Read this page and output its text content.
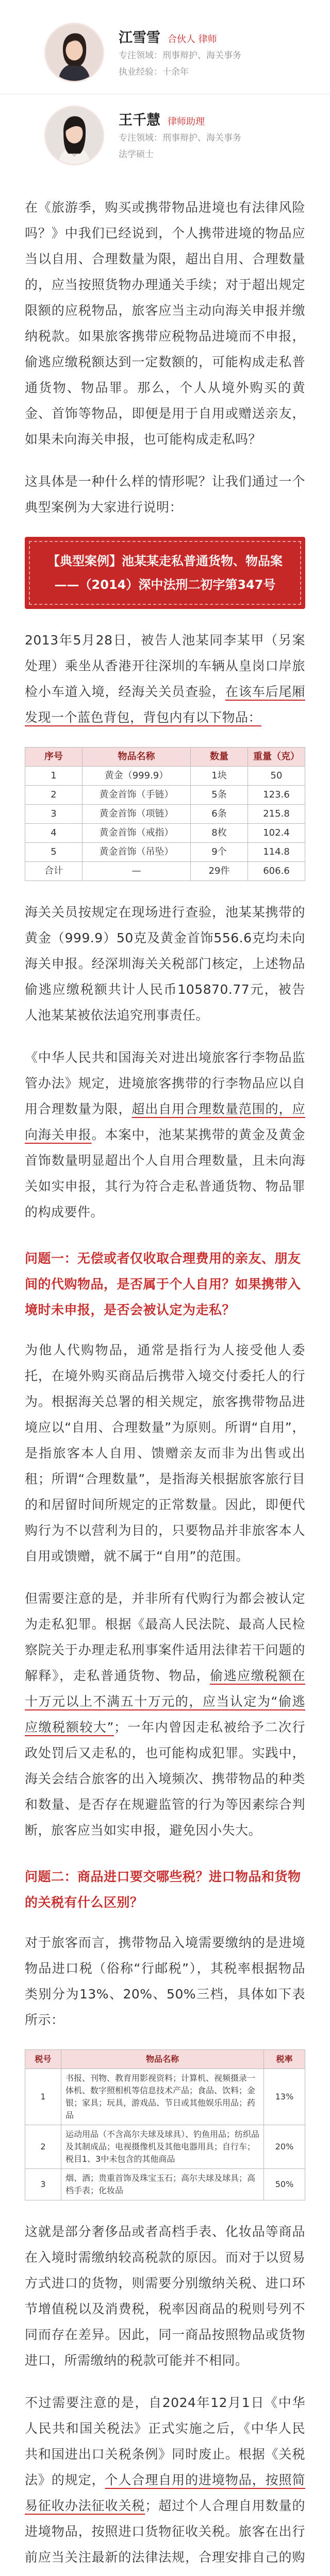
江雪雪 合伙人 律师
专注领域：刑事辩护、海关事务
执业经验：十余年
王千慧 律师助理
专注领域：刑事辩护、海关事务
法学硕士

在《旅游季，购买或携带物品进境也有法律风险吗？》中我们已经说到，个人携带进境的物品应当以自用、合理数量为限，超出自用、合理数量的，应当按照货物办理通关手续；对于超出规定限额的应税物品，旅客应当主动向海关申报并缴纳税款。如果旅客携带应税物品进境而不申报，偷逃应缴税额达到一定数额的，可能构成走私普通货物、物品罪。那么，个人从境外购买的黄金、首饰等物品，即便是用于自用或赠送亲友，如果未向海关申报，也可能构成走私吗？

这具体是一种什么样的情形呢？让我们通过一个典型案例为大家进行说明：

【典型案例】池某某走私普通货物、物品案
——（2014）深中法刑二初字第347号

2013年5月28日，被告人池某同李某甲（另案处理）乘坐从香港开往深圳的车辆从皇岗口岸旅检小车道入境，经海关关员查验，在该车后尾厢发现一个蓝色背包，背包内有以下物品：

序号	物品名称	数量	重量（克）
1	黄金（999.9）	1块	50
2	黄金首饰（手链）	5条	123.6
3	黄金首饰（项链）	6条	215.8
4	黄金首饰（戒指）	8枚	102.4
5	黄金首饰（吊坠）	9个	114.8
合计	—	29件	606.6

海关关员按规定在现场进行查验，池某某携带的黄金（999.9）50克及黄金首饰556.6克均未向海关申报。经深圳海关关税部门核定，上述物品偷逃应缴税额共计人民币105870.77元，被告人池某某被依法追究刑事责任。

《中华人民共和国海关对进出境旅客行李物品监管办法》规定，进境旅客携带的行李物品应以自用合理数量为限，超出自用合理数量范围的，应向海关申报。本案中，池某某携带的黄金及黄金首饰数量明显超出个人自用合理数量，且未向海关如实申报，其行为符合走私普通货物、物品罪的构成要件。

问题一：无偿或者仅收取合理费用的亲友、朋友间的代购物品，是否属于个人自用？如果携带入境时未申报，是否会被认定为走私？

为他人代购物品，通常是指行为人接受他人委托，在境外购买商品后携带入境交付委托人的行为。根据海关总署的相关规定，旅客携带物品进境应以“自用、合理数量”为原则。所谓“自用”，是指旅客本人自用、馈赠亲友而非为出售或出租；所谓“合理数量”，是指海关根据旅客旅行目的和居留时间所规定的正常数量。因此，即便代购行为不以营利为目的，只要物品并非旅客本人自用或馈赠，就不属于“自用”的范围。

但需要注意的是，并非所有代购行为都会被认定为走私犯罪。根据《最高人民法院、最高人民检察院关于办理走私刑事案件适用法律若干问题的解释》，走私普通货物、物品，偷逃应缴税额在十万元以上不满五十万元的，应当认定为“偷逃应缴税额较大”；一年内曾因走私被给予二次行政处罚后又走私的，也可能构成犯罪。实践中，海关会结合旅客的出入境频次、携带物品的种类和数量、是否存在规避监管的行为等因素综合判断，旅客应当如实申报，避免因小失大。

问题二：商品进口要交哪些税？进口物品和货物的关税有什么区别？

对于旅客而言，携带物品入境需要缴纳的是进境物品进口税（俗称“行邮税”），其税率根据物品类别分为13%、20%、50%三档，具体如下表所示：

税号	物品名称	税率
1	书报、刊物、教育用影视资料；计算机、视频摄录一体机、数字照相机等信息技术产品；食品、饮料；金银；家具；玩具，游戏品、节日或其他娱乐用品；药品	13%
2	运动用品（不含高尔夫球及球具）、钓鱼用品；纺织品及其制成品；电视摄像机及其他电器用具；自行车；税目1、3中未包含的其他商品	20%
3	烟、酒；贵重首饰及珠宝玉石；高尔夫球及球具；高档手表；化妆品	50%

这就是部分奢侈品或者高档手表、化妆品等商品在入境时需缴纳较高税款的原因。而对于以贸易方式进口的货物，则需要分别缴纳关税、进口环节增值税以及消费税，税率因商品的税则号列不同而存在差异。因此，同一商品按照物品或货物进口，所需缴纳的税款可能并不相同。

不过需要注意的是，自2024年12月1日《中华人民共和国关税法》正式实施之后，《中华人民共和国进出口关税条例》同时废止。根据《关税法》的规定，个人合理自用的进境物品，按照简易征收办法征收关税；超过个人合理自用数量的进境物品，按照进口货物征收关税。旅客在出行前应当关注最新的法律法规，合理安排自己的购
